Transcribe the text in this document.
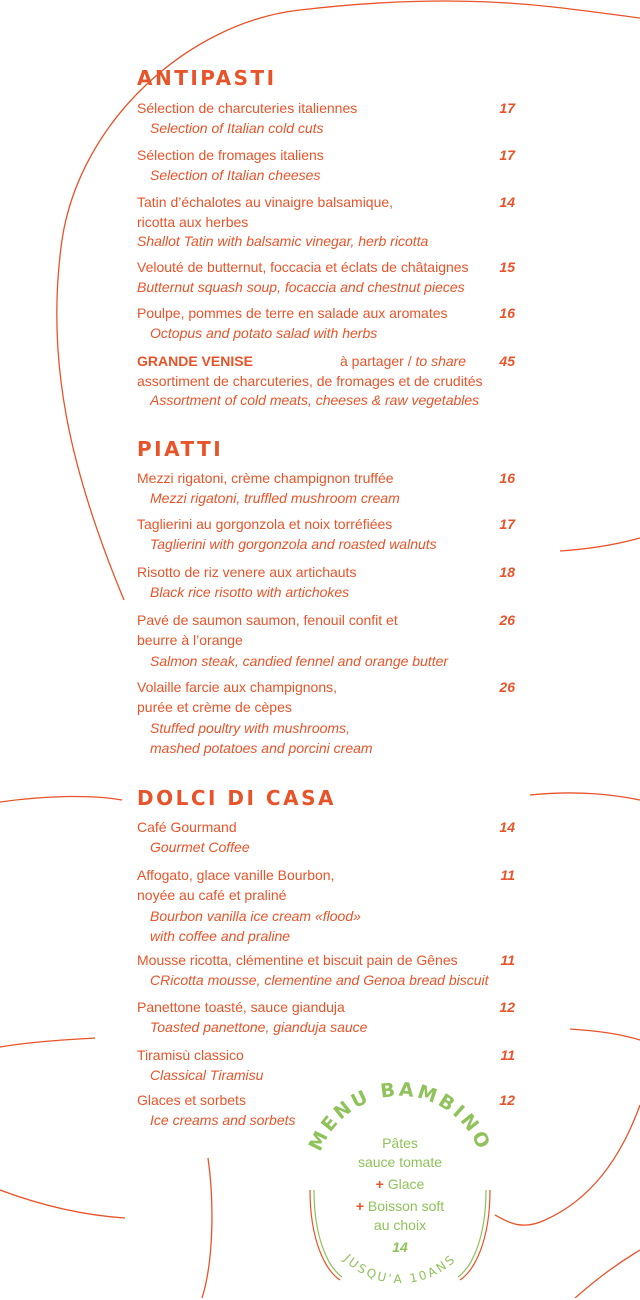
ANTIPASTI
Sélection de charcuteries italiennes
Selection of Italian cold cuts
17
Sélection de fromages italiens
Selection of Italian cheeses
17
Tatin d’échalotes au vinaigre balsamique,
ricotta aux herbes
Shallot Tatin with balsamic vinegar, herb ricotta
14
Velouté de butternut, foccacia et éclats de châtaignes
Butternut squash soup, focaccia and chestnut pieces
15
Poulpe, pommes de terre en salade aux aromates
Octopus and potato salad with herbs
16
GRANDE VENISE	à partager / to share
assortiment de charcuteries, de fromages et de crudités
Assortment of cold meats, cheeses & raw vegetables
45
PIATTI
Mezzi rigatoni, crème champignon truffée
Mezzi rigatoni, truffled mushroom cream
16
Taglierini au gorgonzola et noix torréfiées
Taglierini with gorgonzola and roasted walnuts
17
Risotto de riz venere aux artichauts
Black rice risotto with artichokes
18
Pavé de saumon saumon, fenouil confit et
beurre à l’orange
Salmon steak, candied fennel and orange butter
26
Volaille farcie aux champignons,
purée et crème de cèpes
Stuffed poultry with mushrooms,
mashed potatoes and porcini cream
26
DOLCI DI CASA
Café Gourmand
Gourmet Coffee
14
Affogato, glace vanille Bourbon,
noyée au café et praliné
Bourbon vanilla ice cream «flood»
with coffee and praline
11
Mousse ricotta, clémentine et biscuit pain de Gênes
CRicotta mousse, clementine and Genoa bread biscuit
11
Panettone toasté, sauce gianduja
Toasted panettone, gianduja sauce
12
Tiramisù classico
Classical Tiramisu
11
Glaces et sorbets
Ice creams and sorbets
12
MENU BAMBINO
JUSQU'A 10ANS
Pâtes
sauce tomate
+ Glace
+ Boisson soft
au choix
14
